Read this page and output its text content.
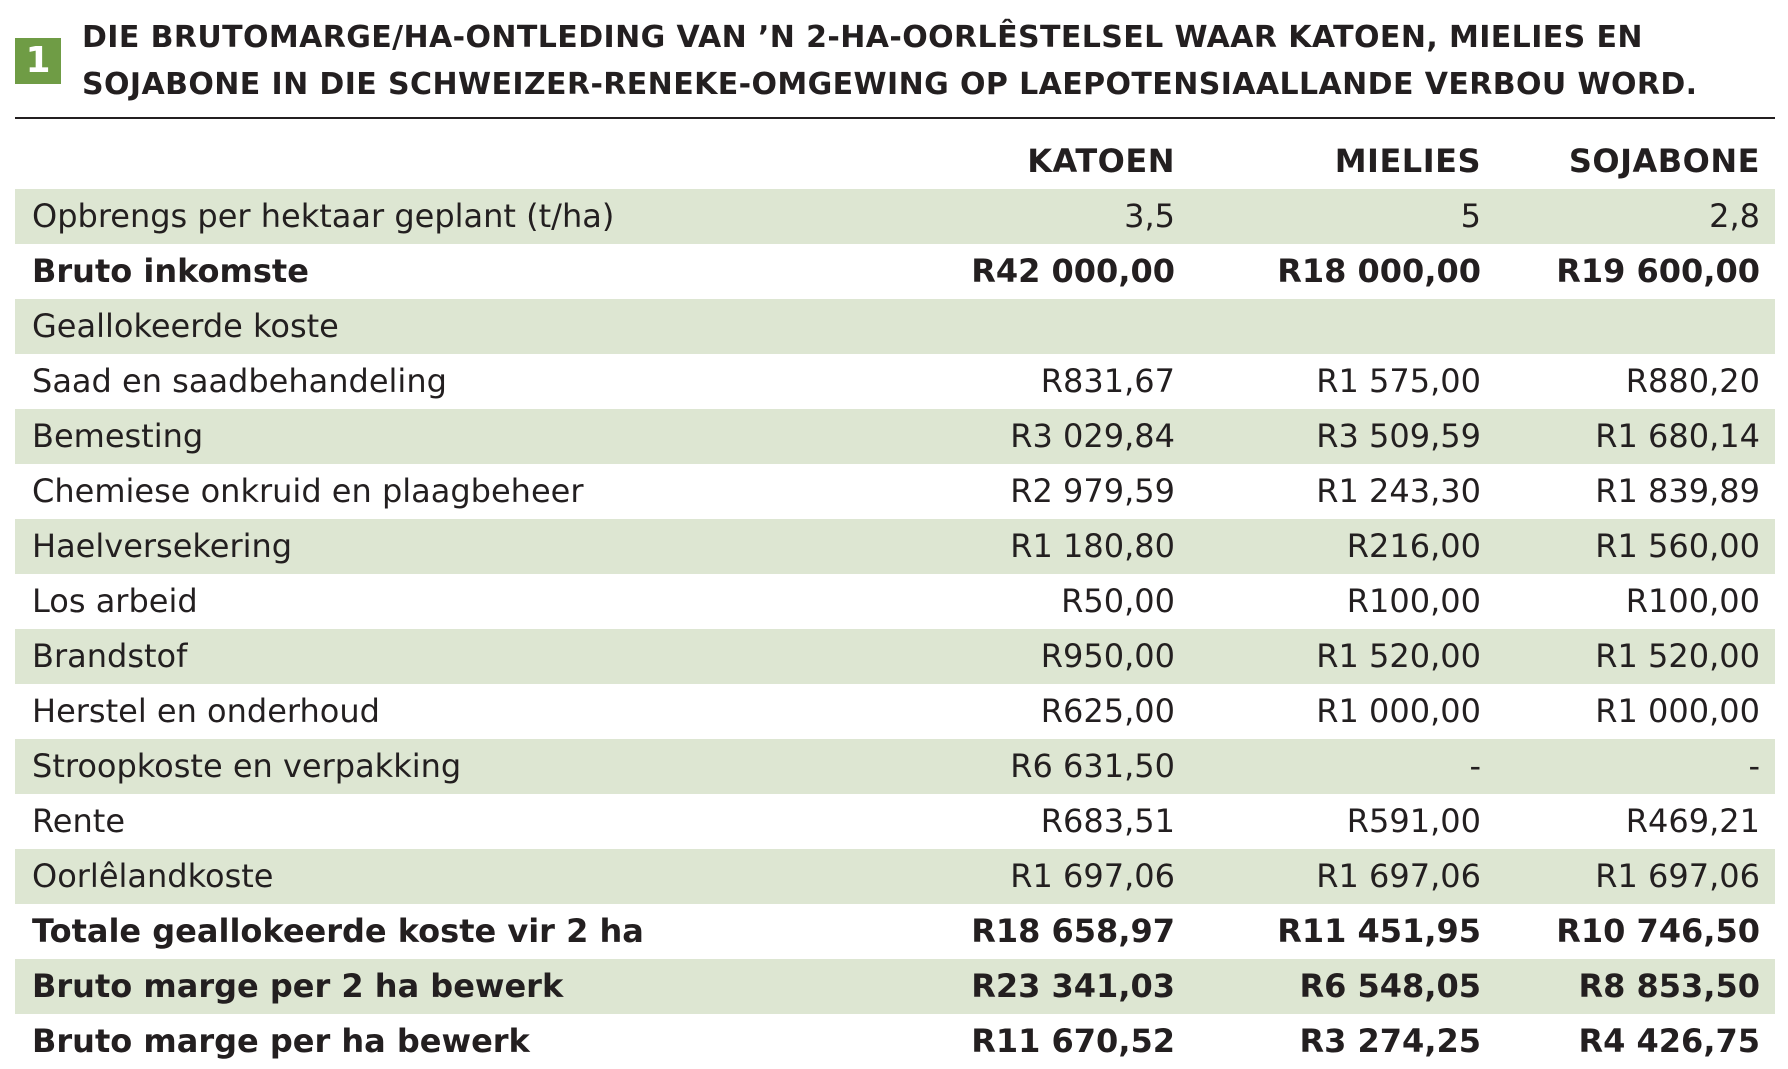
1
DIE BRUTOMARGE/HA-ONTLEDING VAN ’N 2-HA-OORLÊSTELSEL WAAR KATOEN, MIELIES EN
SOJABONE IN DIE SCHWEIZER-RENEKE-OMGEWING OP LAEPOTENSIAALLANDE VERBOU WORD.
	KATOEN	MIELIES	SOJABONE
Opbrengs per hektaar geplant (t/ha)	3,5	5	2,8
Bruto inkomste	R42 000,00	R18 000,00	R19 600,00
Geallokeerde koste			
Saad en saadbehandeling	R831,67	R1 575,00	R880,20
Bemesting	R3 029,84	R3 509,59	R1 680,14
Chemiese onkruid en plaagbeheer	R2 979,59	R1 243,30	R1 839,89
Haelversekering	R1 180,80	R216,00	R1 560,00
Los arbeid	R50,00	R100,00	R100,00
Brandstof	R950,00	R1 520,00	R1 520,00
Herstel en onderhoud	R625,00	R1 000,00	R1 000,00
Stroopkoste en verpakking	R6 631,50	-	-
Rente	R683,51	R591,00	R469,21
Oorlêlandkoste	R1 697,06	R1 697,06	R1 697,06
Totale geallokeerde koste vir 2 ha	R18 658,97	R11 451,95	R10 746,50
Bruto marge per 2 ha bewerk	R23 341,03	R6 548,05	R8 853,50
Bruto marge per ha bewerk	R11 670,52	R3 274,25	R4 426,75
